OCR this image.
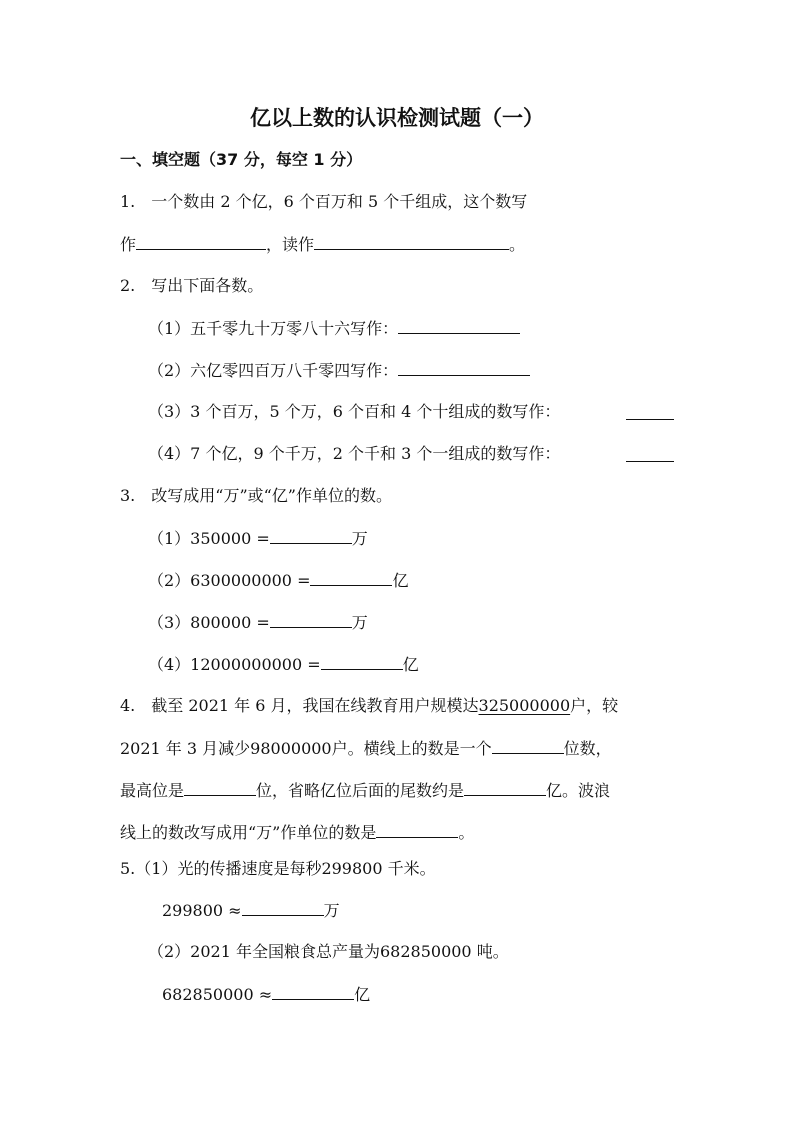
亿以上数的认识检测试题（一）
一、填空题（37 分，每空 1 分）
1.　一个数由 2 个亿，6 个百万和 5 个千组成，这个数写
作	，读作	。
2.　写出下面各数。
（1）五千零九十万零八十六写作：
（2）六亿零四百万八千零四写作：
（3）3 个百万，5 个万，6 个百和 4 个十组成的数写作：
（4）7 个亿，9 个千万，2 个千和 3 个一组成的数写作：
3.　改写成用“万”或“亿”作单位的数。
（1）350000 =	万
（2）6300000000 =	亿
（3）800000 =	万
（4）12000000000 =	亿
4.　截至 2021 年 6 月，我国在线教育用户规模达325000000户，较
2021 年 3 月减少98000000户。横线上的数是一个	位数，
最高位是	位，省略亿位后面的尾数约是	亿。波浪
线上的数改写成用“万”作单位的数是	。
5.（1）光的传播速度是每秒299800 千米。
299800 ≈	万
（2）2021 年全国粮食总产量为682850000 吨。
682850000 ≈	亿
